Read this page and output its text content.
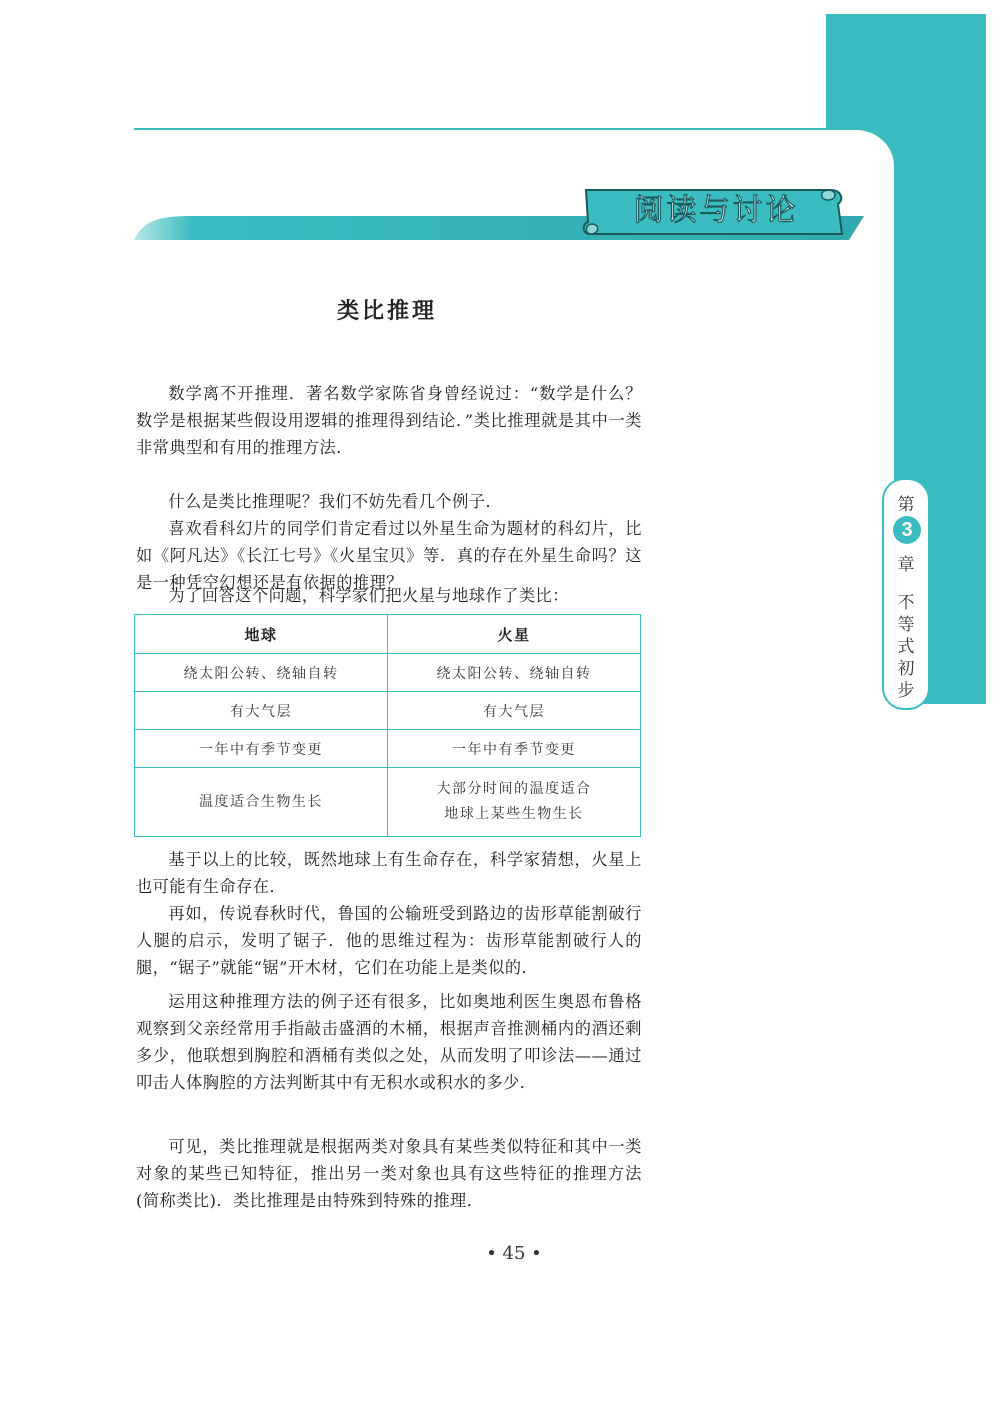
阅读与讨论
第
3
章
不
等
式
初
步
类比推理

数学离不开推理．著名数学家陈省身曾经说过：“数学是什么？数学是根据某些假设用逻辑的推理得到结论．”类比推理就是其中一类非常典型和有用的推理方法．

什么是类比推理呢？我们不妨先看几个例子．

喜欢看科幻片的同学们肯定看过以外星生命为题材的科幻片，比如《阿凡达》《长江七号》《火星宝贝》等．真的存在外星生命吗？这是一种凭空幻想还是有依据的推理？

为了回答这个问题，科学家们把火星与地球作了类比：

地球	火星
绕太阳公转、绕轴自转	绕太阳公转、绕轴自转
有大气层	有大气层
一年中有季节变更	一年中有季节变更
温度适合生物生长	大部分时间的温度适合
地球上某些生物生长

基于以上的比较，既然地球上有生命存在，科学家猜想，火星上也可能有生命存在．

再如，传说春秋时代，鲁国的公输班受到路边的齿形草能割破行人腿的启示，发明了锯子．他的思维过程为：齿形草能割破行人的腿，“锯子”就能“锯”开木材，它们在功能上是类似的．

运用这种推理方法的例子还有很多，比如奥地利医生奥恩布鲁格观察到父亲经常用手指敲击盛酒的木桶，根据声音推测桶内的酒还剩多少，他联想到胸腔和酒桶有类似之处，从而发明了叩诊法——通过叩击人体胸腔的方法判断其中有无积水或积水的多少．

可见，类比推理就是根据两类对象具有某些类似特征和其中一类对象的某些已知特征，推出另一类对象也具有这些特征的推理方法(简称类比)．类比推理是由特殊到特殊的推理．

• 45 •
